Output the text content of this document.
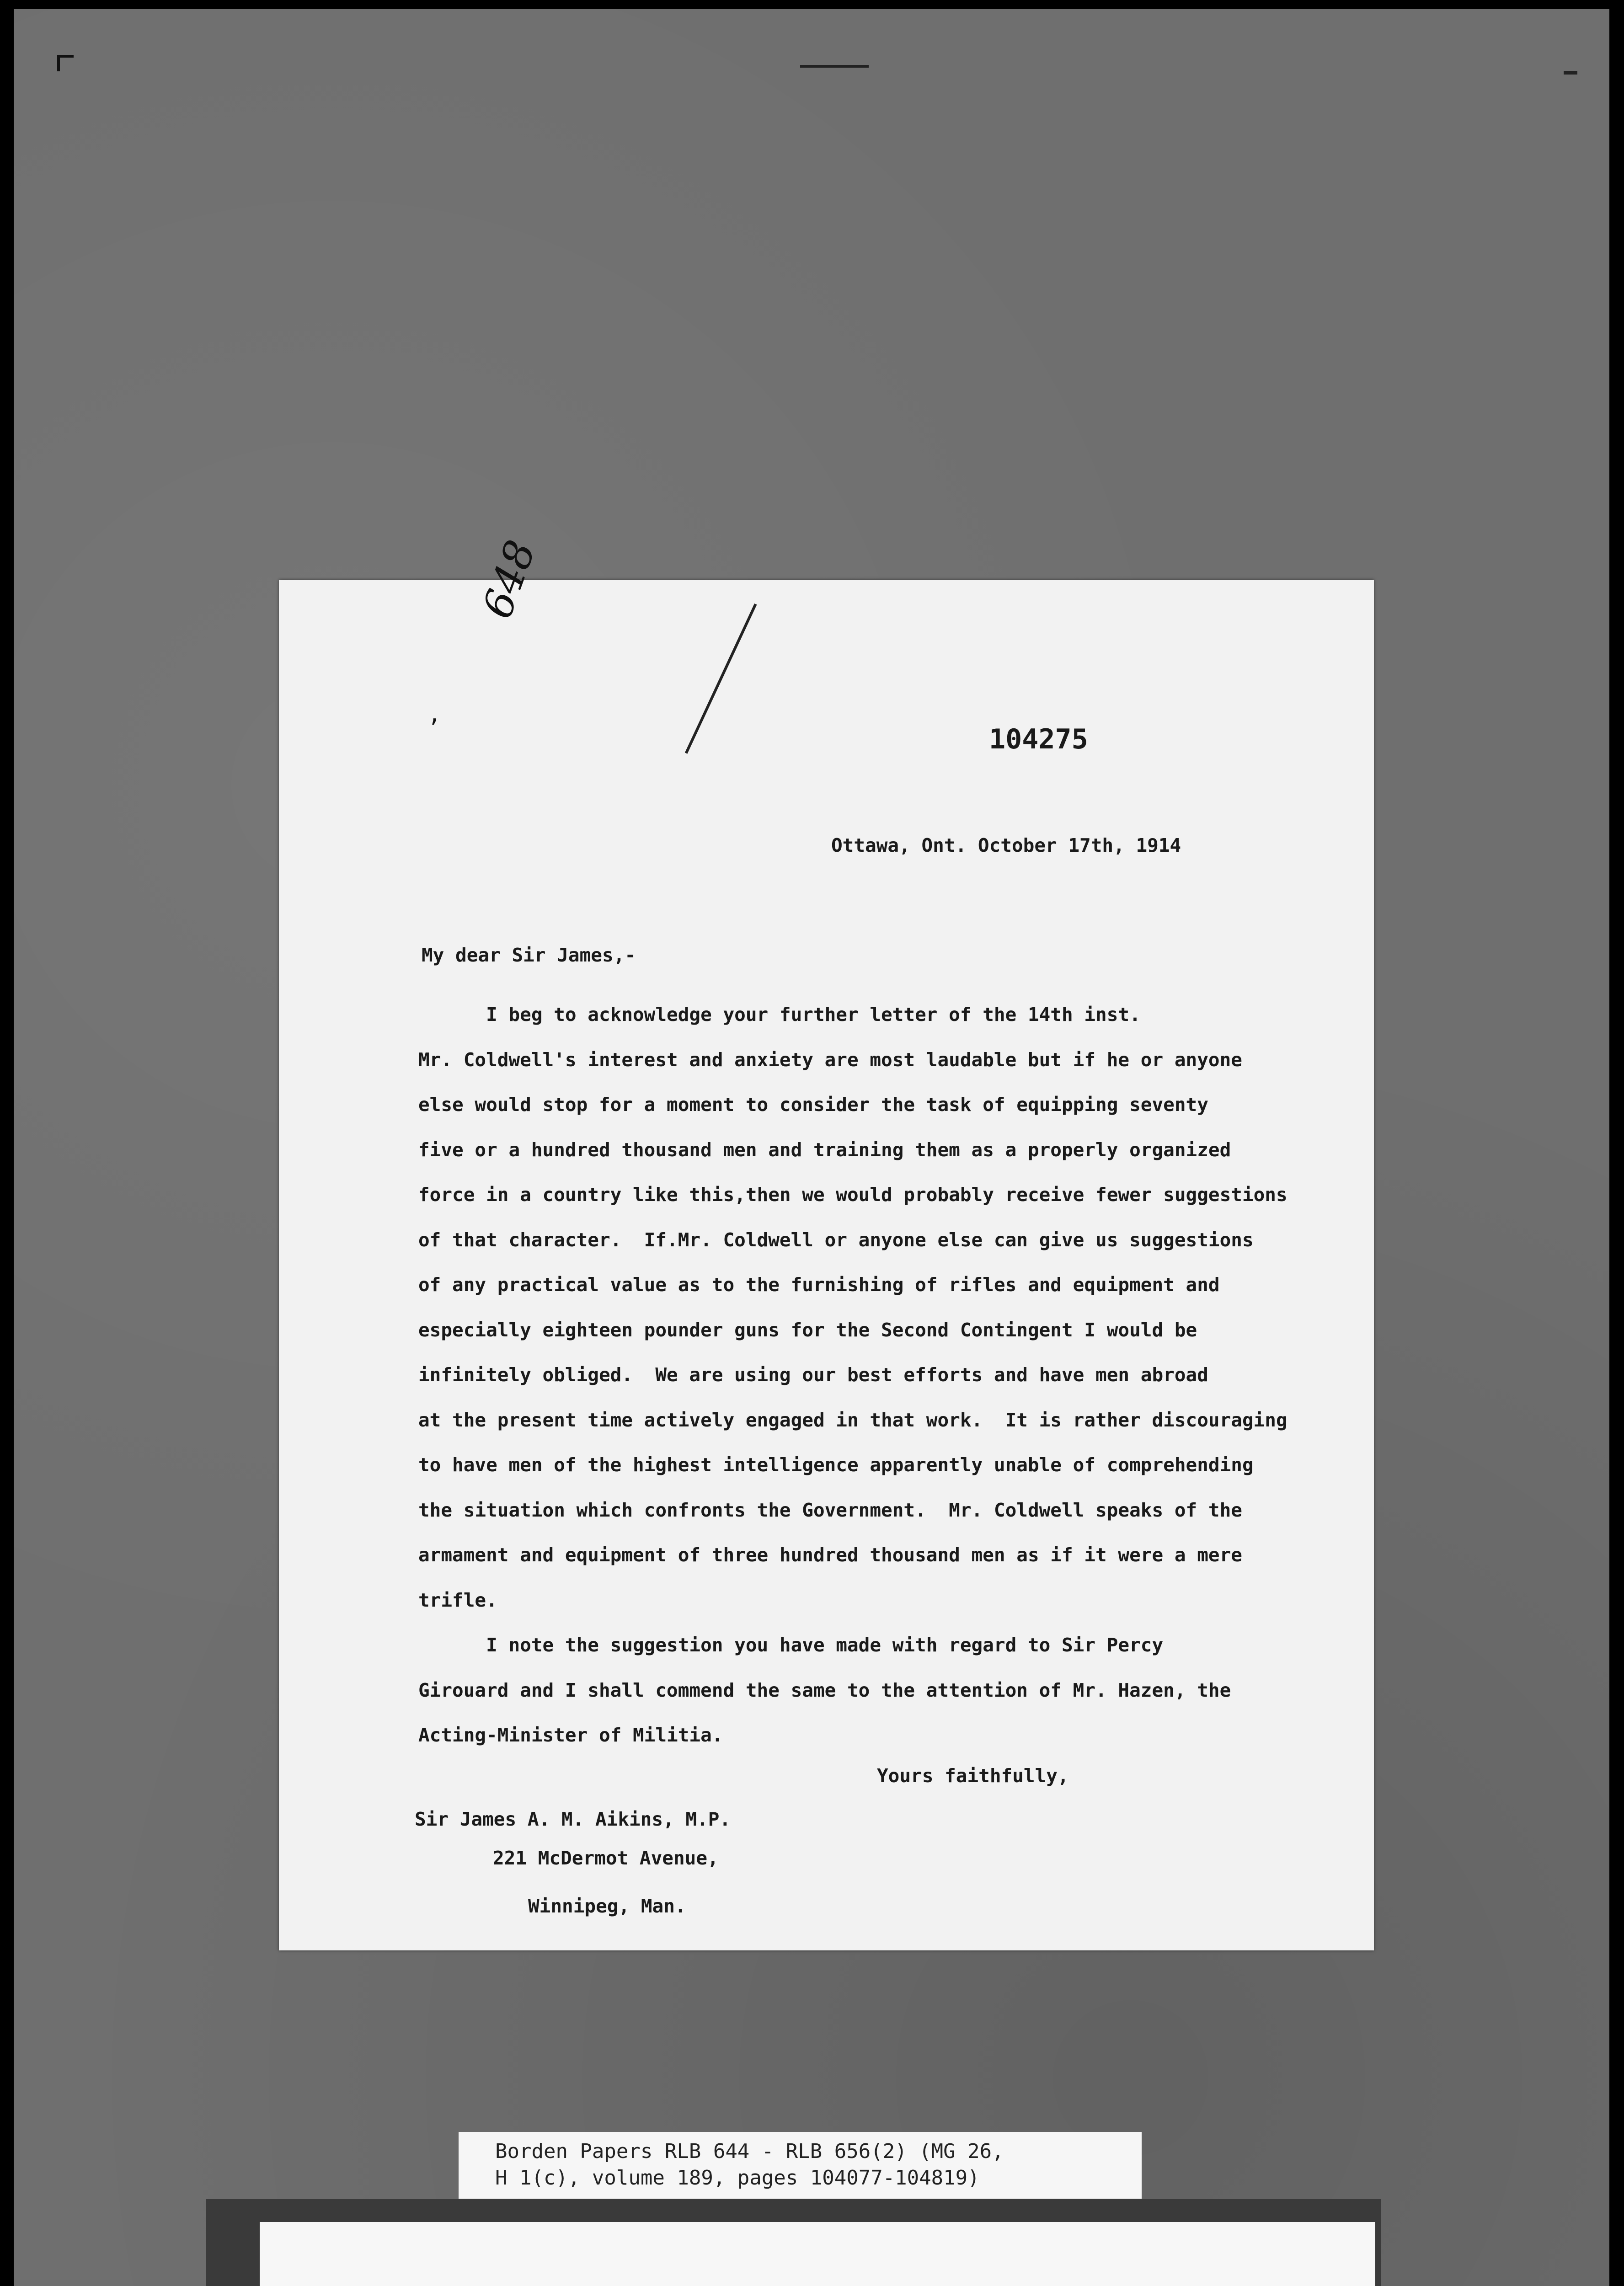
648
’	104275
Ottawa, Ont. October 17th, 1914
My dear Sir James,-
I beg to acknowledge your further letter of the 14th inst.
Mr. Coldwell's interest and anxiety are most laudable but if he or anyone
else would stop for a moment to consider the task of equipping seventy
five or a hundred thousand men and training them as a properly organized
force in a country like this,then we would probably receive fewer suggestions
of that character.  If.Mr. Coldwell or anyone else can give us suggestions
of any practical value as to the furnishing of rifles and equipment and
especially eighteen pounder guns for the Second Contingent I would be
infinitely obliged.  We are using our best efforts and have men abroad
at the present time actively engaged in that work.  It is rather discouraging
to have men of the highest intelligence apparently unable of comprehending
the situation which confronts the Government.  Mr. Coldwell speaks of the
armament and equipment of three hundred thousand men as if it were a mere
trifle.
I note the suggestion you have made with regard to Sir Percy
Girouard and I shall commend the same to the attention of Mr. Hazen, the
Acting-Minister of Militia.
Yours faithfully,
Sir James A. M. Aikins, M.P.
221 McDermot Avenue,
Winnipeg, Man.
Borden Papers RLB 644 - RLB 656(2) (MG 26,
H 1(c), volume 189, pages 104077-104819)
